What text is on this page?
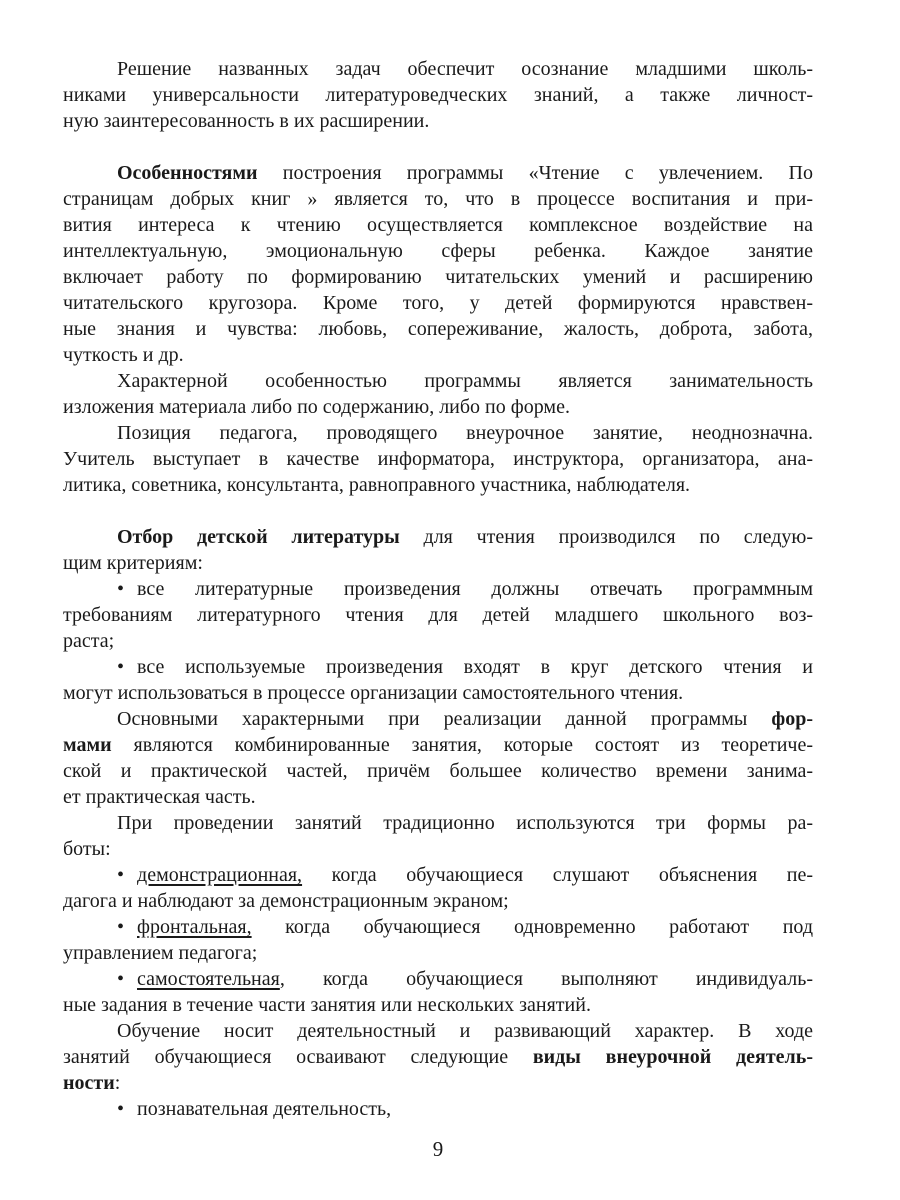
Решение названных задач обеспечит осознание младшими школь-
никами универсальности литературоведческих знаний, а также личност-
ную заинтересованность в их расширении.
Особенностями построения программы «Чтение с увлечением. По
страницам добрых книг » является то, что в процессе воспитания и при-
вития интереса к чтению осуществляется комплексное воздействие на
интеллектуальную, эмоциональную сферы ребенка. Каждое занятие
включает работу по формированию читательских умений и расширению
читательского кругозора. Кроме того, у детей формируются нравствен-
ные знания и чувства: любовь, сопереживание, жалость, доброта, забота,
чуткость и др.
Характерной особенностью программы является занимательность
изложения материала либо по содержанию, либо по форме.
Позиция педагога, проводящего внеурочное занятие, неоднозначна.
Учитель выступает в качестве информатора, инструктора, организатора, ана-
литика, советника, консультанта, равноправного участника, наблюдателя.
Отбор детской литературы для чтения производился по следую-
щим критериям:
• все литературные произведения должны отвечать программным
требованиям литературного чтения для детей младшего школьного воз-
раста;
• все используемые произведения входят в круг детского чтения и
могут использоваться в процессе организации самостоятельного чтения.
Основными характерными при реализации данной программы фор-
мами являются комбинированные занятия, которые состоят из теоретиче-
ской и практической частей, причём большее количество времени занима-
ет практическая часть.
При проведении занятий традиционно используются три формы ра-
боты:
• демонстрационная, когда обучающиеся слушают объяснения пе-
дагога и наблюдают за демонстрационным экраном;
• фронтальная, когда обучающиеся одновременно работают под
управлением педагога;
• самостоятельная, когда обучающиеся выполняют индивидуаль-
ные задания в течение части занятия или нескольких занятий.
Обучение носит деятельностный и развивающий характер. В ходе
занятий обучающиеся осваивают следующие виды внеурочной деятель-
ности:
• познавательная деятельность,
9
